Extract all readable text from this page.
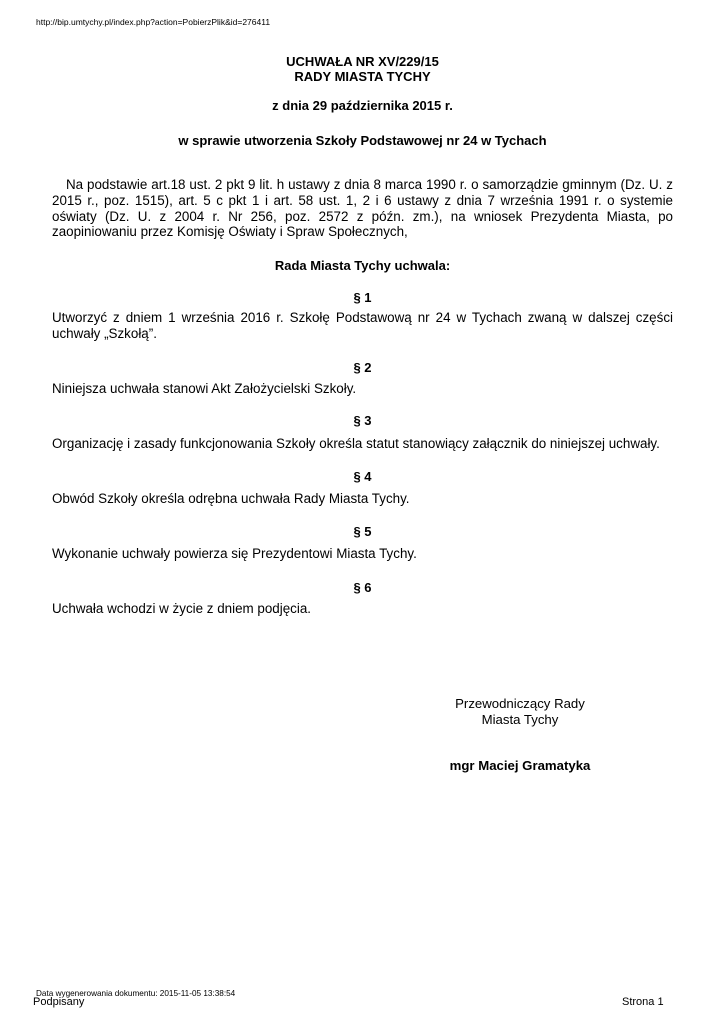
http://bip.umtychy.pl/index.php?action=PobierzPlik&id=276411
UCHWAŁA NR XV/229/15
RADY MIASTA TYCHY
z dnia 29 października 2015 r.
w sprawie utworzenia Szkoły Podstawowej nr 24 w Tychach
Na podstawie art.18 ust. 2 pkt 9 lit. h ustawy z dnia 8 marca 1990 r. o samorządzie gminnym (Dz. U. z 2015 r., poz. 1515), art. 5 c pkt 1 i art. 58 ust. 1, 2 i 6 ustawy z dnia 7 września 1991 r. o systemie oświaty (Dz. U. z 2004 r. Nr 256, poz. 2572 z późn. zm.), na wniosek Prezydenta Miasta, po zaopiniowaniu przez Komisję Oświaty i Spraw Społecznych,
Rada Miasta Tychy uchwala:
§ 1
Utworzyć z dniem 1 września 2016 r. Szkołę Podstawową nr 24 w Tychach zwaną w dalszej części uchwały „Szkołą”.
§ 2
Niniejsza uchwała stanowi Akt Założycielski Szkoły.
§ 3
Organizację i zasady funkcjonowania Szkoły określa statut stanowiący załącznik do niniejszej uchwały.
§ 4
Obwód Szkoły określa odrębna uchwała Rady Miasta Tychy.
§ 5
Wykonanie uchwały powierza się Prezydentowi Miasta Tychy.
§ 6
Uchwała wchodzi w życie z dniem podjęcia.
Przewodniczący Rady
Miasta Tychy
mgr Maciej Gramatyka
Data wygenerowania dokumentu: 2015-11-05 13:38:54
Podpisany	Strona 1
